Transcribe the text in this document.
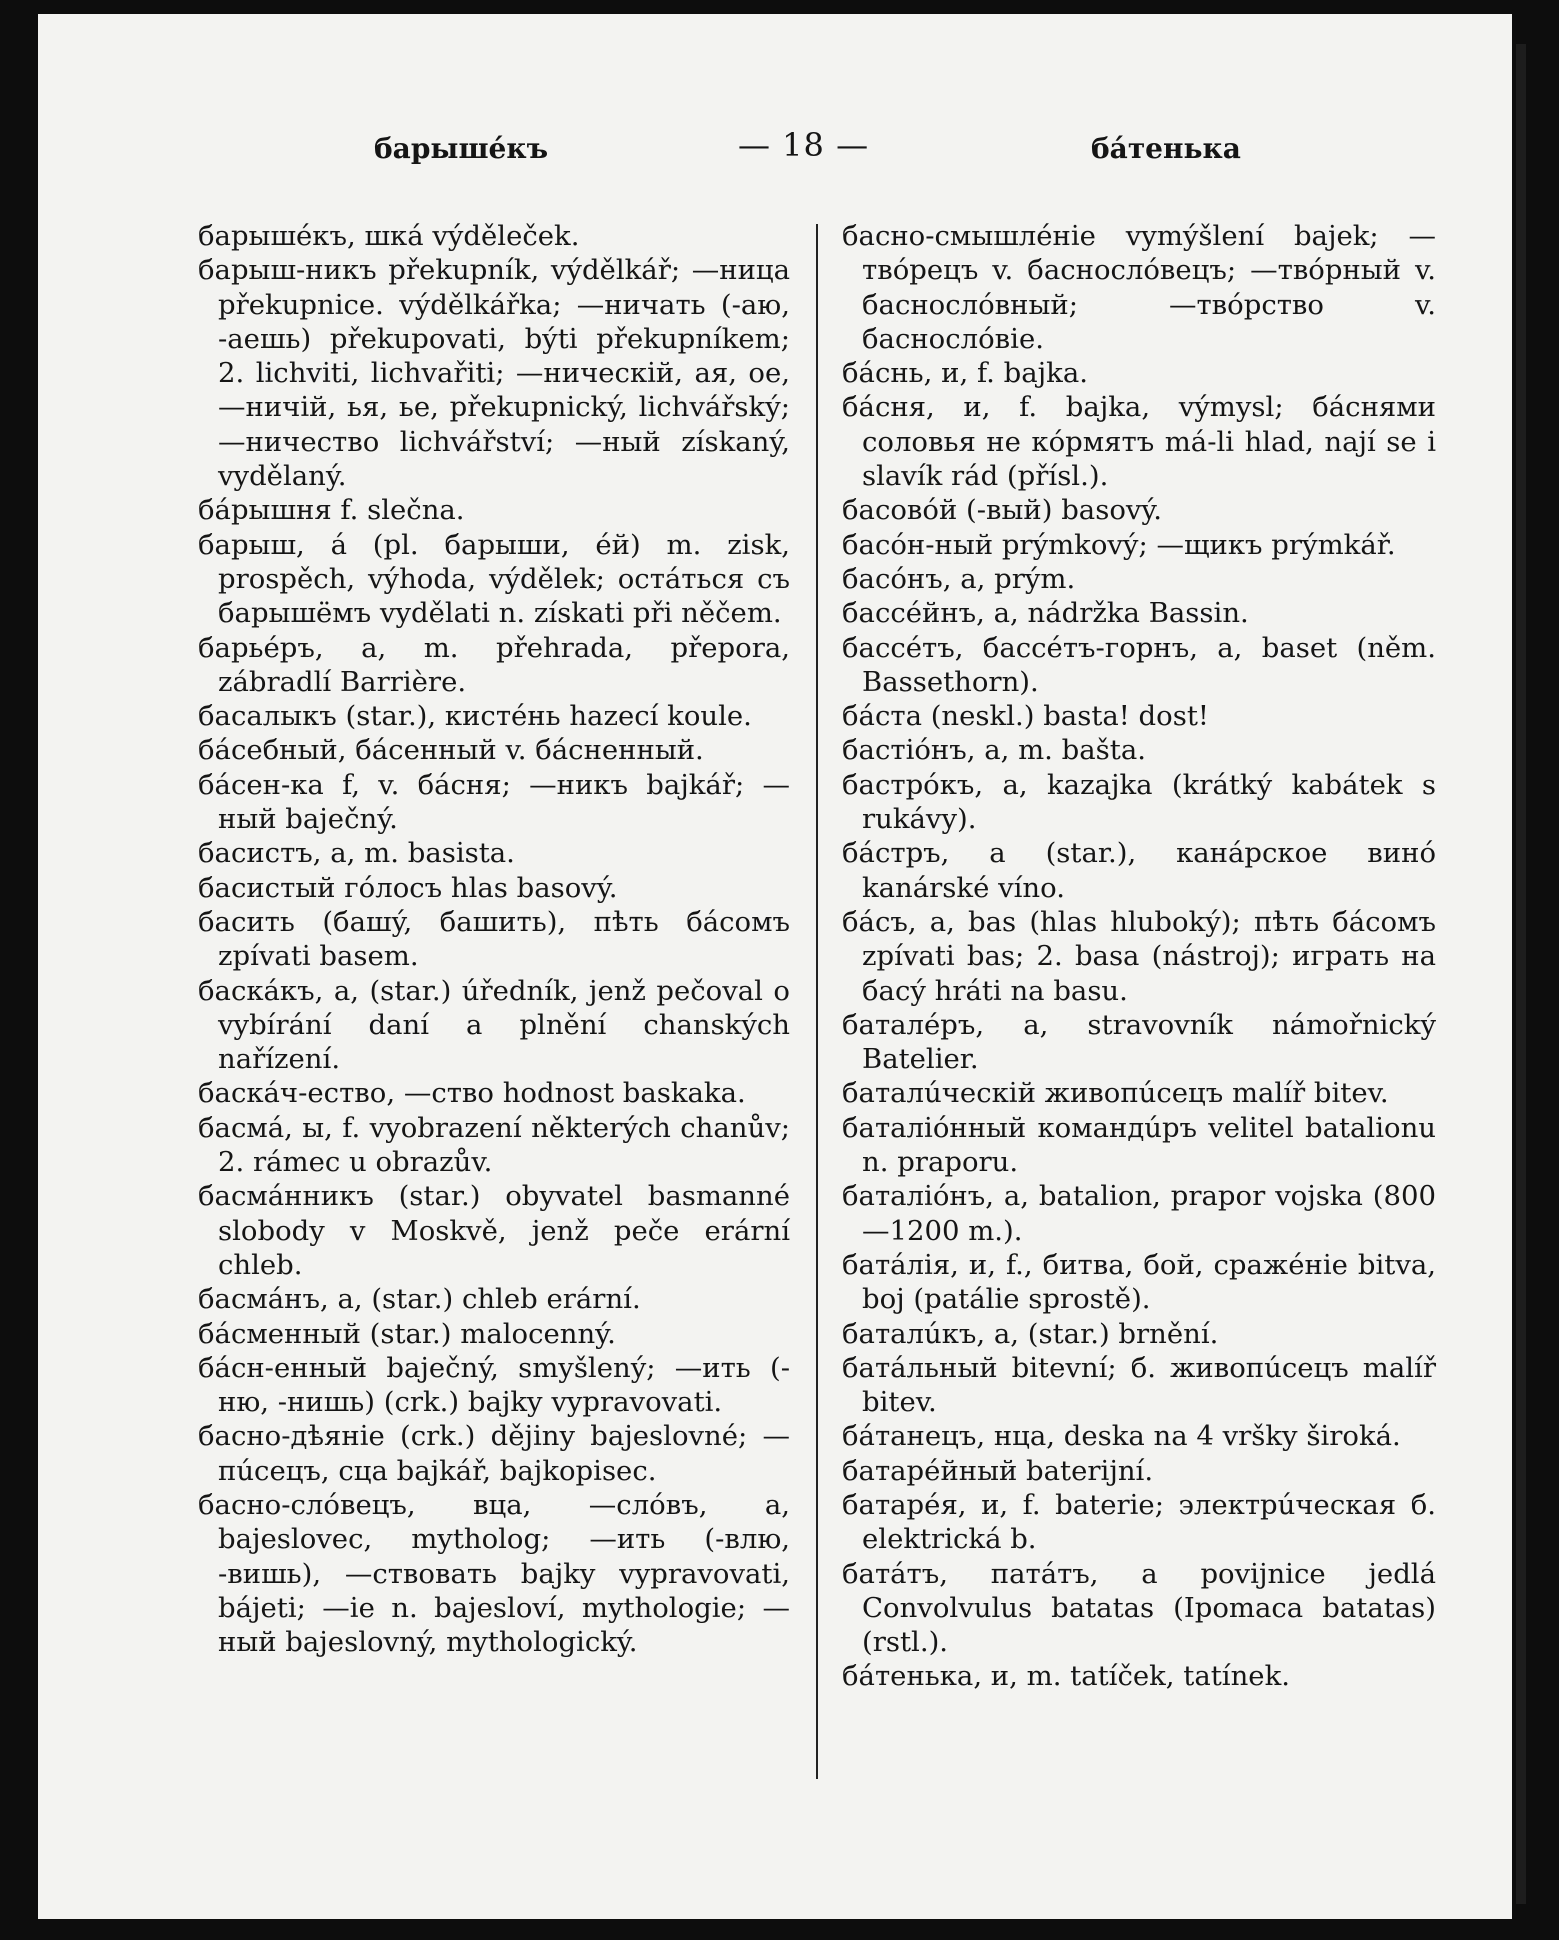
барышéкъ	— 18 —	бáтенька

барышéкъ, шкá výdělеček.

барыш-никъ překupník, výdělkář; —ница překupnice. výdělkářka; —ничать (-аю, -аешь) překupovati, býti překupníkem; 2. lichviti, lichvařiti; —ническій, ая, ое, —ничій, ья, ье, překupnický, lichvářský; —ничество lichvářství; —ный získaný, vydělaný.

бáрышня f. slečna.

барыш, á (pl. барыши, éй) m. zisk, prospěch, výhoda, výdělek; остáться съ барышёмъ vydělati n. získati při něčem.

барьéръ, a, m. přehrada, přepora, zábradlí Barrière.

басалыкъ (star.), кистéнь hazecí koule.

бáсебный, бáсенный v. бáсненный.

бáсен-ка f, v. бáсня; —никъ bajkář; —ный baječný.

басистъ, a, m. basista.

басистый гóлосъ hlas basový.

басить (башý, башить), пѣть бáсомъ zpívati basem.

баскáкъ, a, (star.) úředník, jenž pečoval o vybírání daní a plnění chanských nařízení.

баскáч-ество, —ство hodnost baskaka.

басмá, ы, f. vyobrazení některých chanův; 2. rámec u obrazův.

басмáнникъ (star.) obyvatel basmanné slobody v Moskvě, jenž peče erární chleb.

басмáнъ, a, (star.) chleb erární.

бáсменный (star.) malocenný.

бáсн-енный baječný, smyšlený; —ить (-ню, -нишь) (crk.) bajky vypravovati.

басно-дѣяніе (crk.) dějiny bajeslovné; —пúсецъ, сца bajkář, bajkopisec.

басно-слóвецъ, вца, —слóвъ, a, bajeslovec, mytholog; —ить (-влю, -вишь), —ствовать bajky vypravovati, bájeti; —іе n. bajesloví, mythologie; —ный bajeslovný, mythologický.

басно-смышлéніе vymýšlení bajek; —твóрецъ v. баснослóвецъ; —твóрный v. баснослóвный; —твóрство v. баснослóвіе.

бáснь, и, f. bajka.

бáсня, и, f. bajka, výmysl; бáснями соловья не кóрмятъ má-li hlad, nají se i slavík rád (přísl.).

басовóй (-вый) basový.

басóн-ный prýmkový; —щикъ prýmkář.

басóнъ, a, prým.

бассéйнъ, a, nádržka Bassin.

бассéтъ, бассéтъ-горнъ, a, baset (něm. Bassethorn).

бáста (neskl.) basta! dost!

бастіóнъ, a, m. bašta.

бастрóкъ, a, kazajka (krátký kabátek s rukávy).

бáстръ, a (star.), канáрское винó kanárské víno.

бáсъ, a, bas (hlas hluboký); пѣть бáсомъ zpívati bas; 2. basa (nástroj); играть на басý hráti na basu.

баталéръ, a, stravovník námořnický Batelier.

баталúческій живопúсецъ malíř bitev.

баталіóнный командúръ velitel batalionu n. praporu.

баталіóнъ, a, batalion, prapor vojska (800—1200 m.).

батáлія, и, f., битва, бой, сражéніе bitva, boj (patálie sprostě).

баталúкъ, a, (star.) brnění.

батáльный bitevní; б. живопúсецъ malíř bitev.

бáтанецъ, нца, deska na 4 vršky široká.

батарéйный baterijní.

батарéя, и, f. baterie; электрúческая б. elektrická b.

батáтъ, патáтъ, a povijnice jedlá Convolvulus batatas (Ipomaca batatas) (rstl.).

бáтенька, и, m. tatíček, tatínek.
